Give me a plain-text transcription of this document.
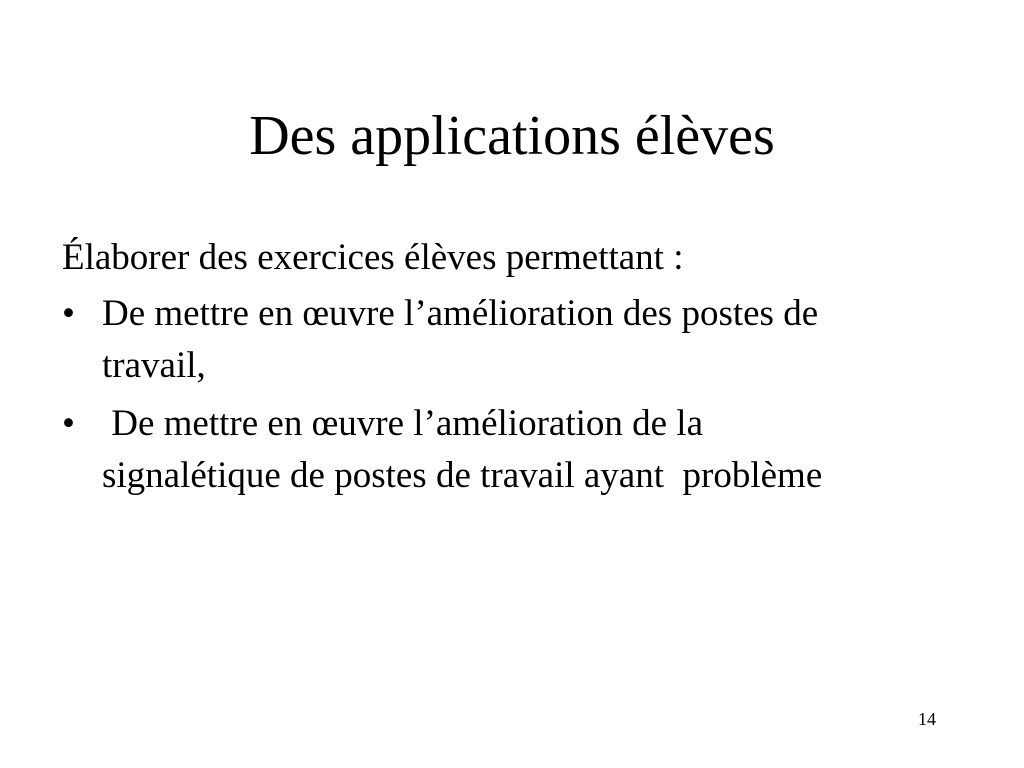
Des applications élèves

Élaborer des exercices élèves permettant :

• De mettre en œuvre l’amélioration des postes de
travail,
• De mettre en œuvre l’amélioration de la
signalétique de postes de travail ayant  problème
14
